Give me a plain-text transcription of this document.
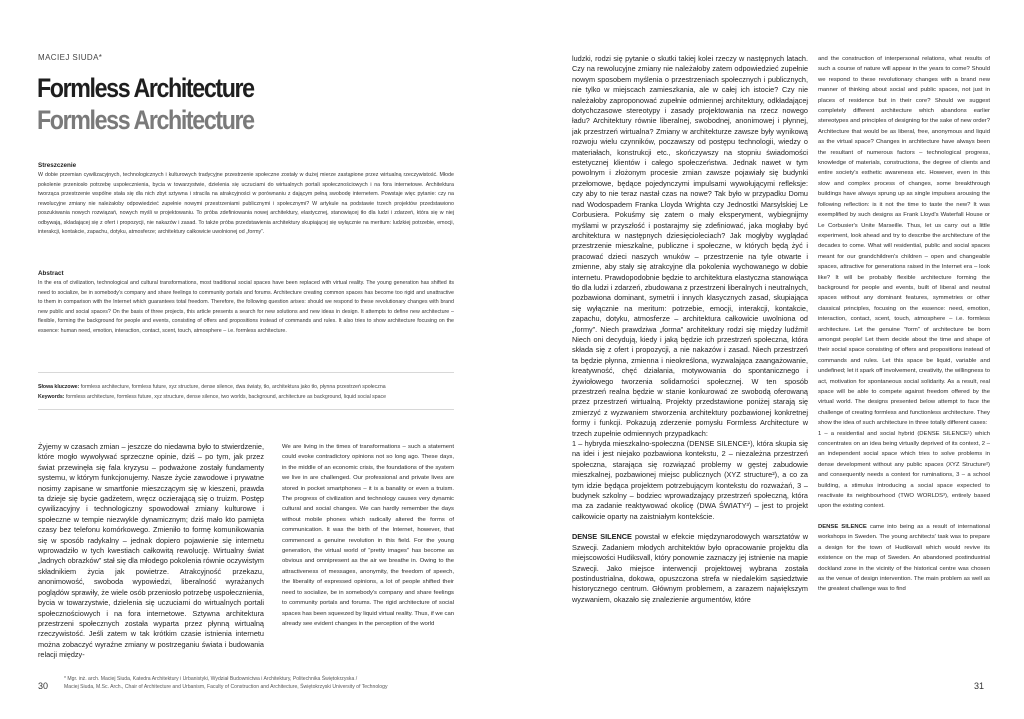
MACIEJ SIUDA*
Formless Architecture
Formless Architecture
Streszczenie
W dobie przemian cywilizacyjnych, technologicznych i kulturowych tradycyjne przestrzenie społeczne zostały w dużej mierze zastąpione przez wirtualną rzeczywistość. Młode pokolenie przeniosło potrzebę uspołecznienia, bycia w towarzystwie, dzielenia się uczuciami do wirtualnych portali społecznościowych i na fora internetowe. Architektura tworząca przestrzenie wspólne stała się dla nich zbyt sztywna i stracila na atrakcyjności w porównaniu z dającym pełną swobodę internetem. Powstaje więc pytanie: czy na rewolucyjne zmiany nie należałoby odpowiedzieć zupełnie nowymi przestrzeniami publicznymi i społecznymi? W artykule na podstawie trzech projektów przedstawiono poszukiwania nowych rozwiązań, nowych myśli w projektowaniu. To próba zdefiniowania nowej architektury, elastycznej, stanowiącej tło dla ludzi i zdarzeń, która się w niej odbywają, skladającej się z ofert i propozycji, nie nakazów i zasad. To także próba przedstawienia architektury skupiającej się wyłącznie na meritum: ludzkiej potrzebie, emocji, interakcji, kontakcie, zapachu, dotyku, atmosferze; architektury całkowicie uwolnionej od „formy”.
Abstract
In the era of civilization, technological and cultural transformations, most traditional social spaces have been replaced with virtual reality. The young generation has shifted its need to socialize, be in somebody's company and share feelings to community portals and forums. Architecture creating common spaces has become too rigid and unattractive to them in comparison with the Internet which guarantees total freedom. Therefore, the following question arises: should we respond to these revolutionary changes with brand new public and social spaces? On the basis of three projects, this article presents a search for new solutions and new ideas in design. It attempts to define new architecture – flexible, forming the background for people and events, consisting of offers and propositions instead of commands and rules. It also tries to show architecture focusing on the essence: human need, emotion, interaction, contact, scent, touch, atmosphere – i.e. formless architecture.
Słowa kluczowe: formless architecture, formless future, xyz structure, dense silence, dwa światy, tło, architektura jako tło, płynna przestrzeń społeczna
Keywords: formless architecture, formless future, xyz structure, dense silence, two worlds, background, architecture as background, liquid social space
Żyjemy w czasach zmian – jeszcze do niedawna było to stwierdzenie, które mogło wywoływać sprzeczne opinie, dziś – po tym, jak przez świat przewinęła się fala kryzysu – podważone zostały fundamenty systemu, w którym funkcjonujemy. Nasze życie zawodowe i prywatne nosimy zapisane w smartfonie mieszczącym się w kieszeni, prawda ta dzieje się bycie gadżetem, wręcz oczierającą się o truizm. Postęp cywilizacyjny i technologiczny spowodował zmiany kulturowe i społeczne w tempie niezwykle dynamicznym; dziś mało kto pamięta czasy bez telefonu komórkowego. Zmieniło to formę komunikowania się w sposób radykalny – jednak dopiero pojawienie się internetu wprowadziło w tych kwestiach całkowitą rewolucję. Wirtualny świat „ladnych obrazków” stał się dla młodego pokolenia równie oczywistym składnikiem życia jak powietrze. Atrakcyjność przekazu, anonimowość, swoboda wypowiedzi, liberalność wyrażanych poglądów sprawiły, że wiele osób przeniosło potrzebę uspołecznienia, bycia w towarzystwie, dzielenia się uczuciami do wirtualnych portali społecznościowych i na fora internetowe. Sztywna architektura przestrzeni społecznych została wyparta przez płynną wirtualną rzeczywistość. Jeśli zatem w tak krótkim czasie istnienia internetu można zobaczyć wyraźne zmiany w postrzeganiu świata i budowania relacji między-
We are living in the times of transformations – such a statement could evoke contradictory opinions not so long ago. These days, in the middle of an economic crisis, the foundations of the system we live in are challenged. Our professional and private lives are stored in pocket smartphones – it is a banality or even a truism. The progress of civilization and technology causes very dynamic cultural and social changes. We can hardly remember the days without mobile phones which radically altered the forms of communication. It was the birth of the Internet, however, that commenced a genuine revolution in this field. For the young generation, the virtual world of “pretty images” has become as obvious and omnipresent as the air we breathe in. Owing to the attractiveness of messages, anonymity, the freedom of speech, the liberality of expressed opinions, a lot of people shifted their need to socialize, be in somebody's company and share feelings to community portals and forums. The rigid architecture of social spaces has been squeezed by liquid virtual reality. Thus, if we can already see evident changes in the perception of the world
* Mgr. inż. arch. Maciej Siuda, Katedra Architektury i Urbanistyki, Wydział Budownictwa i Architektury, Politechnika Świętokrzyska /
Maciej Siuda, M.Sc. Arch., Chair of Architecture and Urbanism, Faculty of Construction and Architecture, Świętokrzyski University of Technology
30

ludzki, rodzi się pytanie o skutki takiej kolei rzeczy w następnych latach. Czy na rewolucyjne zmiany nie należałoby zatem odpowiedzieć zupełnie nowym sposobem myślenia o przestrzeniach społecznych i publicznych, nie tylko w miejscach zamieszkania, ale w całej ich istocie? Czy nie należałoby zaproponować zupełnie odmiennej architektury, odkładającej dotychczasowe stereotypy i zasady projektowania na rzecz nowego ładu? Architektury równie liberalnej, swobodnej, anonimowej i płynnej, jak przestrzeń wirtualna? Zmiany w architekturze zawsze były wynikową rozwoju wielu czynników, poczawszy od postępu technologii, wiedzy o materiałach, konstrukcji etc., skończywszy na stopniu świadomości estetycznej klientów i całego społeczeństwa. Jednak nawet w tym powolnym i złożonym procesie zmian zawsze pojawiały się budynki przełomowe, będące pojedynczymi impulsami wywołującymi refleksje: czy aby to nie teraz nastał czas na nowe? Tak było w przypadku Domu nad Wodospadem Franka Lloyda Wrighta czy Jednostki Marsylskiej Le Corbusiera. Pokuśmy się zatem o mały eksperyment, wybiegnijmy myślami w przyszłość i postarajmy się zdefiniować, jaka mogłaby być architektura w następnych dziesięcioleciach? Jak mogłyby wyglądać przestrzenie mieszkalne, publiczne i społeczne, w których będą żyć i pracować dzieci naszych wnuków – przestrzenie na tyle otwarte i zmienne, aby stały się atrakcyjne dla pokolenia wychowanego w dobie internetu. Prawdopodobnie będzie to architektura elastyczna stanowiąca tło dla ludzi i zdarzeń, zbudowana z przestrzeni liberalnych i neutralnych, pozbawiona dominant, symetrii i innych klasycznych zasad, skupiająca się wyłącznie na meritum: potrzebie, emocji, interakcji, kontakcie, zapachu, dotyku, atmosferze – architektura całkowicie uwolniona od „formy”. Niech prawdziwa „forma” architektury rodzi się między ludźmi! Niech oni decydują, kiedy i jaką będzie ich przestrzeń społeczna, która składa się z ofert i propozycji, a nie nakazów i zasad. Niech przestrzeń ta będzie płynna, zmienna i nieokreślona, wyzwalająca zaangażowanie, kreatywność, chęć działania, motywowania do spontanicznego i żywiołowego tworzenia solidarności społecznej. W ten sposób przestrzeń realna będzie w stanie konkurować ze swobodą oferowaną przez przestrzeń wirtualną. Projekty przedstawione poniżej starają się zmierzyć z wyzwaniem stworzenia architektury pozbawionej konkretnej formy i funkcji. Pokazują zderzenie pomysłu Formless Architecture w trzech zupełnie odmiennych przypadkach:

1 – hybryda mieszkalno-społeczna (DENSE SILENCE¹), która skupia się na idei i jest niejako pozbawiona kontekstu, 2 – niezależna przestrzeń społeczna, starająca się rozwiązać problemy w gęstej zabudowie mieszkalnej, pozbawionej miejsc publicznych (XYZ structure²), a co za tym idzie będąca projektem potrzebującym kontekstu do rozważań, 3 – budynek szkolny – bodziec wprowadzający przestrzeń społeczną, która ma za zadanie reaktywować okolicę (DWA ŚWIATY³) – jest to projekt całkowicie oparty na zaistniałym kontekście.

DENSE SILENCE powstał w efekcie międzynarodowych warsztatów w Szwecji. Zadaniem młodych architektów było opracowanie projektu dla miejscowości Hudiksvall, który ponownie zaznaczy jej istnienie na mapie Szwecji. Jako miejsce interwencji projektowej wybrana została postindustrialna, dokowa, opuszczona strefa w niedalekim sąsiedztwie historycznego centrum. Głównym problemem, a zarazem największym wyzwaniem, okazało się znalezienie argumentów, które

and the construction of interpersonal relations, what results of such a course of nature will appear in the years to come? Should we respond to these revolutionary changes with a brand new manner of thinking about social and public spaces, not just in places of residence but in their core? Should we suggest completely different architecture which abandons earlier stereotypes and principles of designing for the sake of new order? Architecture that would be as liberal, free, anonymous and liquid as the virtual space? Changes in architecture have always been the resultant of numerous factors – technological progress, knowledge of materials, constructions, the degree of clients and entire society's esthetic awareness etc. However, even in this slow and complex process of changes, some breakthrough buildings have always sprung up as single impulses arousing the following reflection: is it not the time to taste the new? It was exemplified by such designs as Frank Lloyd's Waterfall House or Le Corbusier's Unite Marseille. Thus, let us carry out a little experiment, look ahead and try to describe the architecture of the decades to come. What will residential, public and social spaces meant for our grandchildren's children – open and changeable spaces, attractive for generations raised in the Internet era – look like? It will be probably flexible architecture forming the background for people and events, built of liberal and neutral spaces without any dominant features, symmetries or other classical principles, focusing on the essence: need, emotion, interaction, contact, scent, touch, atmosphere – i.e. formless architecture. Let the genuine “form” of architecture be born amongst people! Let them decide about the time and shape of their social space consisting of offers and propositions instead of commands and rules. Let this space be liquid, variable and undefined; let it spark off involvement, creativity, the willingness to act, motivation for spontaneous social solidarity. As a result, real space will be able to compete against freedom offered by the virtual world. The designs presented below attempt to face the challenge of creating formless and functionless architecture. They show the idea of such architecture in three totally different cases:

1 – a residential and social hybrid (DENSE SILENCE¹) which concentrates on an idea being virtually deprived of its context, 2 – an independent social space which tries to solve problems in dense development without any public spaces (XYZ Structure²) and consequently needs a context for ruminations, 3 – a school building, a stimulus introducing a social space expected to reactivate its neighbourhood (TWO WORLDS³), entirely based upon the existing context.

DENSE SILENCE came into being as a result of international workshops in Sweden. The young architects' task was to prepare a design for the town of Hudiksvall which would revive its existence on the map of Sweden. An abandoned postindustrial dockland zone in the vicinity of the historical centre was chosen as the venue of design intervention. The main problem as well as the greatest challenge was to find

31
